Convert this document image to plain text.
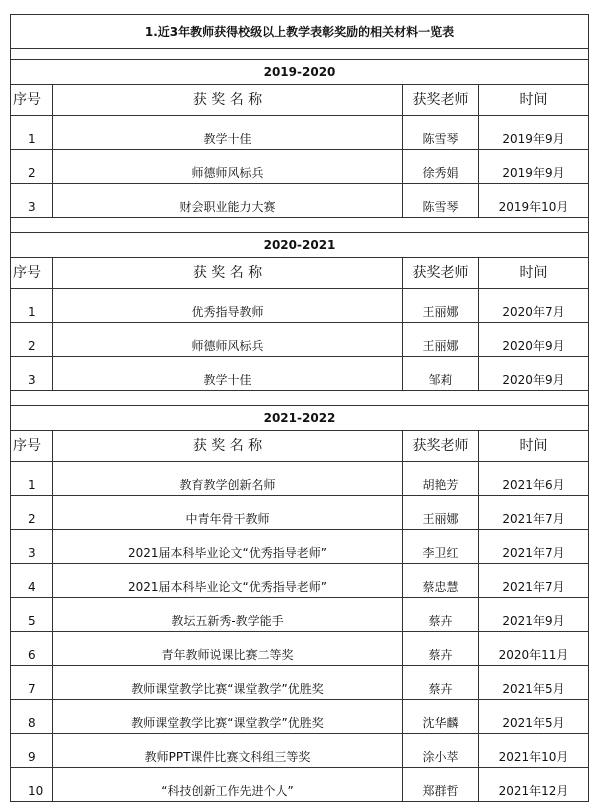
1.近3年教师获得校级以上教学表彰奖励的相关材料一览表			

2019-2020			
序号	获 奖 名 称	获奖老师	时间
1	教学十佳	陈雪琴	2019年9月
2	师德师风标兵	徐秀娟	2019年9月
3	财会职业能力大赛	陈雪琴	2019年10月

2020-2021			
序号	获 奖 名 称	获奖老师	时间
1	优秀指导教师	王丽娜	2020年7月
2	师德师风标兵	王丽娜	2020年9月
3	教学十佳	邹莉	2020年9月

2021-2022			
序号	获 奖 名 称	获奖老师	时间
1	教育教学创新名师	胡艳芳	2021年6月
2	中青年骨干教师	王丽娜	2021年7月
3	2021届本科毕业论文“优秀指导老师”	李卫红	2021年7月
4	2021届本科毕业论文“优秀指导老师”	蔡忠慧	2021年7月
5	教坛五新秀-教学能手	蔡卉	2021年9月
6	青年教师说课比赛二等奖	蔡卉	2020年11月
7	教师课堂教学比赛“课堂教学”优胜奖	蔡卉	2021年5月
8	教师课堂教学比赛“课堂教学”优胜奖	沈华麟	2021年5月
9	教师PPT课件比赛文科组三等奖	涂小萃	2021年10月
10	“科技创新工作先进个人”	郑群哲	2021年12月
